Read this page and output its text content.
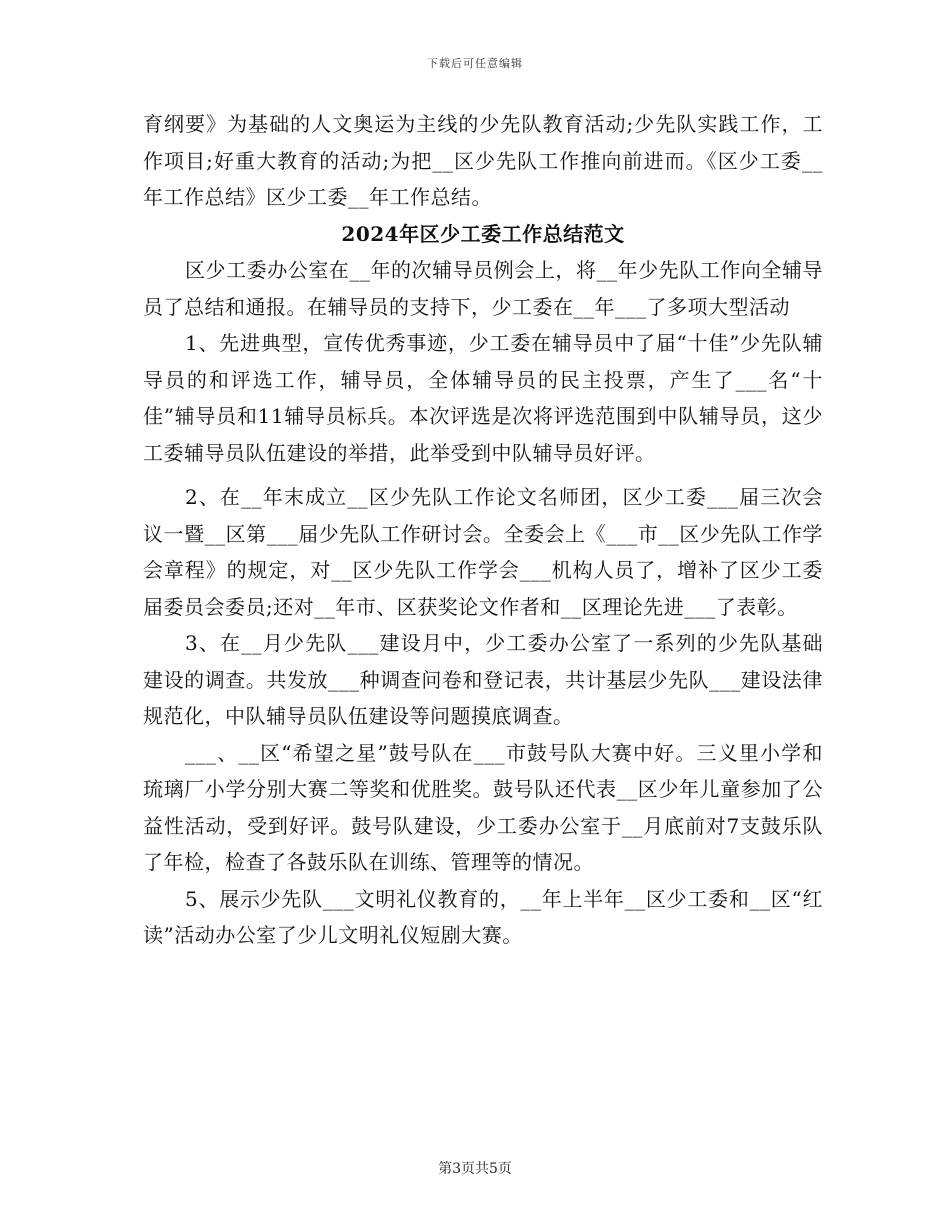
下载后可任意编辑

育纲要》为基础的人文奥运为主线的少先队教育活动;少先队实践工作，工作项目;好重大教育的活动;为把__区少先队工作推向前进而。《区少工委__年工作总结》区少工委__年工作总结。

2024年区少工委工作总结范文

区少工委办公室在__年的次辅导员例会上，将__年少先队工作向全辅导员了总结和通报。在辅导员的支持下，少工委在__年___了多项大型活动

1、先进典型，宣传优秀事迹，少工委在辅导员中了届“十佳”少先队辅导员的和评选工作，辅导员，全体辅导员的民主投票，产生了___名“十佳”辅导员和11辅导员标兵。本次评选是次将评选范围到中队辅导员，这少工委辅导员队伍建设的举措，此举受到中队辅导员好评。

2、在__年末成立__区少先队工作论文名师团，区少工委___届三次会议一暨__区第___届少先队工作研讨会。全委会上《___市__区少先队工作学会章程》的规定，对__区少先队工作学会___机构人员了，增补了区少工委届委员会委员;还对__年市、区获奖论文作者和__区理论先进___了表彰。

3、在__月少先队___建设月中，少工委办公室了一系列的少先队基础建设的调查。共发放___种调查问卷和登记表，共计基层少先队___建设法律规范化，中队辅导员队伍建设等问题摸底调查。

___、__区“希望之星”鼓号队在___市鼓号队大赛中好。三义里小学和琉璃厂小学分别大赛二等奖和优胜奖。鼓号队还代表__区少年儿童参加了公益性活动，受到好评。鼓号队建设，少工委办公室于__月底前对7支鼓乐队了年检，检查了各鼓乐队在训练、管理等的情况。

5、展示少先队___文明礼仪教育的，__年上半年__区少工委和__区“红读”活动办公室了少儿文明礼仪短剧大赛。

第3页共5页
